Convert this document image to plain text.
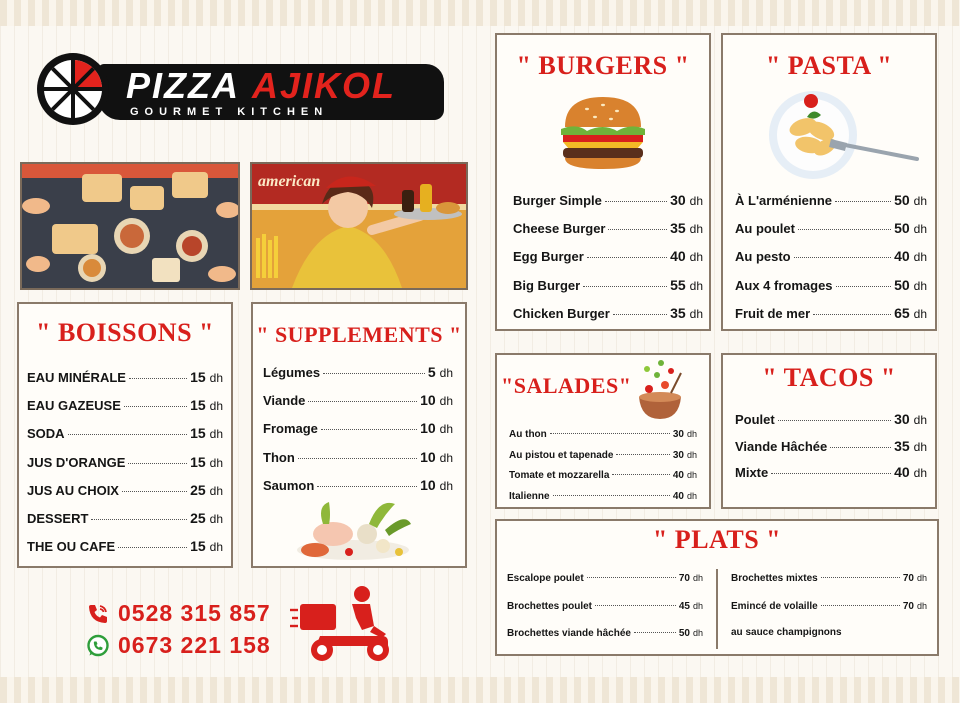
PIZZA AJIKOL
GOURMET KITCHEN
american
" BOISSONS "
EAU MINÉRALE	15 dh
EAU GAZEUSE	15 dh
SODA	15 dh
JUS D'ORANGE	15 dh
JUS AU CHOIX	25 dh
DESSERT	25 dh
THE OU CAFE	15 dh
" SUPPLEMENTS "
Légumes	5 dh
Viande	10 dh
Fromage	10 dh
Thon	10 dh
Saumon	10 dh
" BURGERS "
Burger Simple	30 dh
Cheese Burger	35 dh
Egg Burger	40 dh
Big Burger	55 dh
Chicken Burger	35 dh
" PASTA "
À L'arménienne	50 dh
Au poulet	50 dh
Au pesto	40 dh
Aux 4 fromages	50 dh
Fruit de mer	65 dh
"SALADES"
Au thon	30 dh
Au pistou et tapenade	30 dh
Tomate et mozzarella	40 dh
Italienne	40 dh
" TACOS "
Poulet	30 dh
Viande Hâchée	35 dh
Mixte	40 dh
" PLATS "
Escalope poulet	70 dh
Brochettes poulet	45 dh
Brochettes viande hâchée	50 dh
Brochettes mixtes	70 dh
Emincé de volaille	70 dh
au sauce champignons
0528 315 857
0673 221 158
